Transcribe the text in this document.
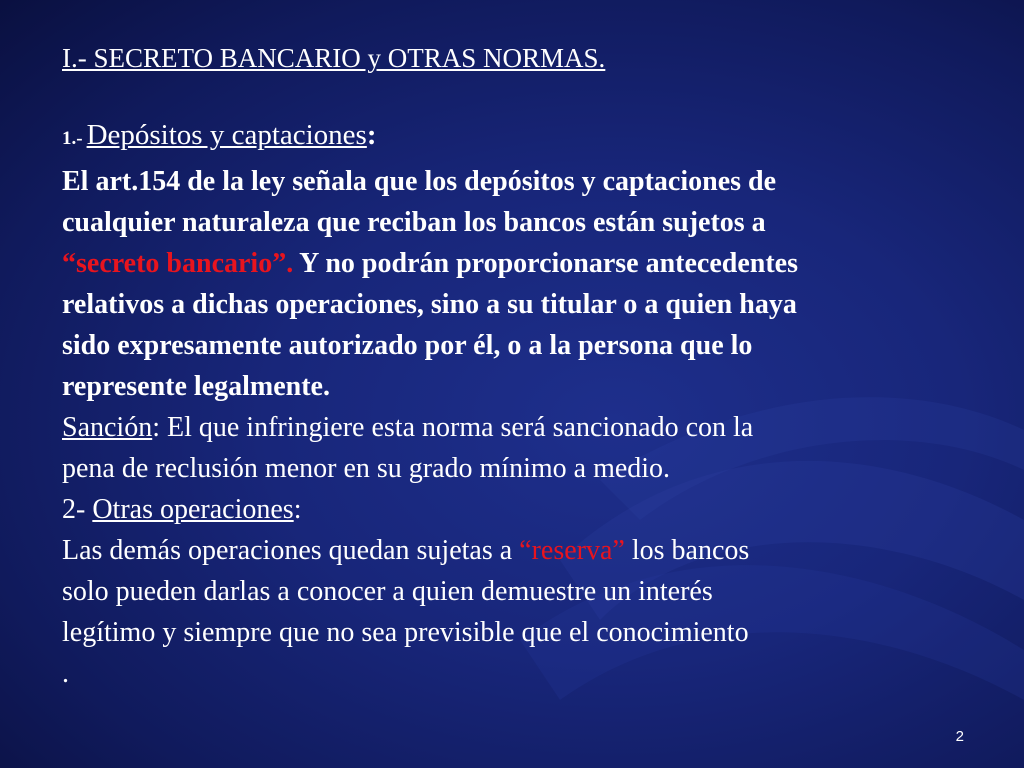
I.- SECRETO BANCARIO y OTRAS NORMAS.
1.- Depósitos y captaciones:
El art.154 de la ley señala que los depósitos y captaciones de
cualquier naturaleza que reciban los bancos están sujetos a
“secreto bancario”. Y no podrán proporcionarse antecedentes
relativos a dichas operaciones, sino a su titular o a quien haya
sido expresamente autorizado por él, o a la persona que lo
represente legalmente.
Sanción: El que infringiere esta norma será sancionado con la
pena de reclusión menor en su grado mínimo a medio.
2- Otras operaciones:
Las demás operaciones quedan sujetas a “reserva” los bancos
solo pueden darlas a conocer a quien demuestre un interés
legítimo y siempre que no sea previsible que el conocimiento
.
2
